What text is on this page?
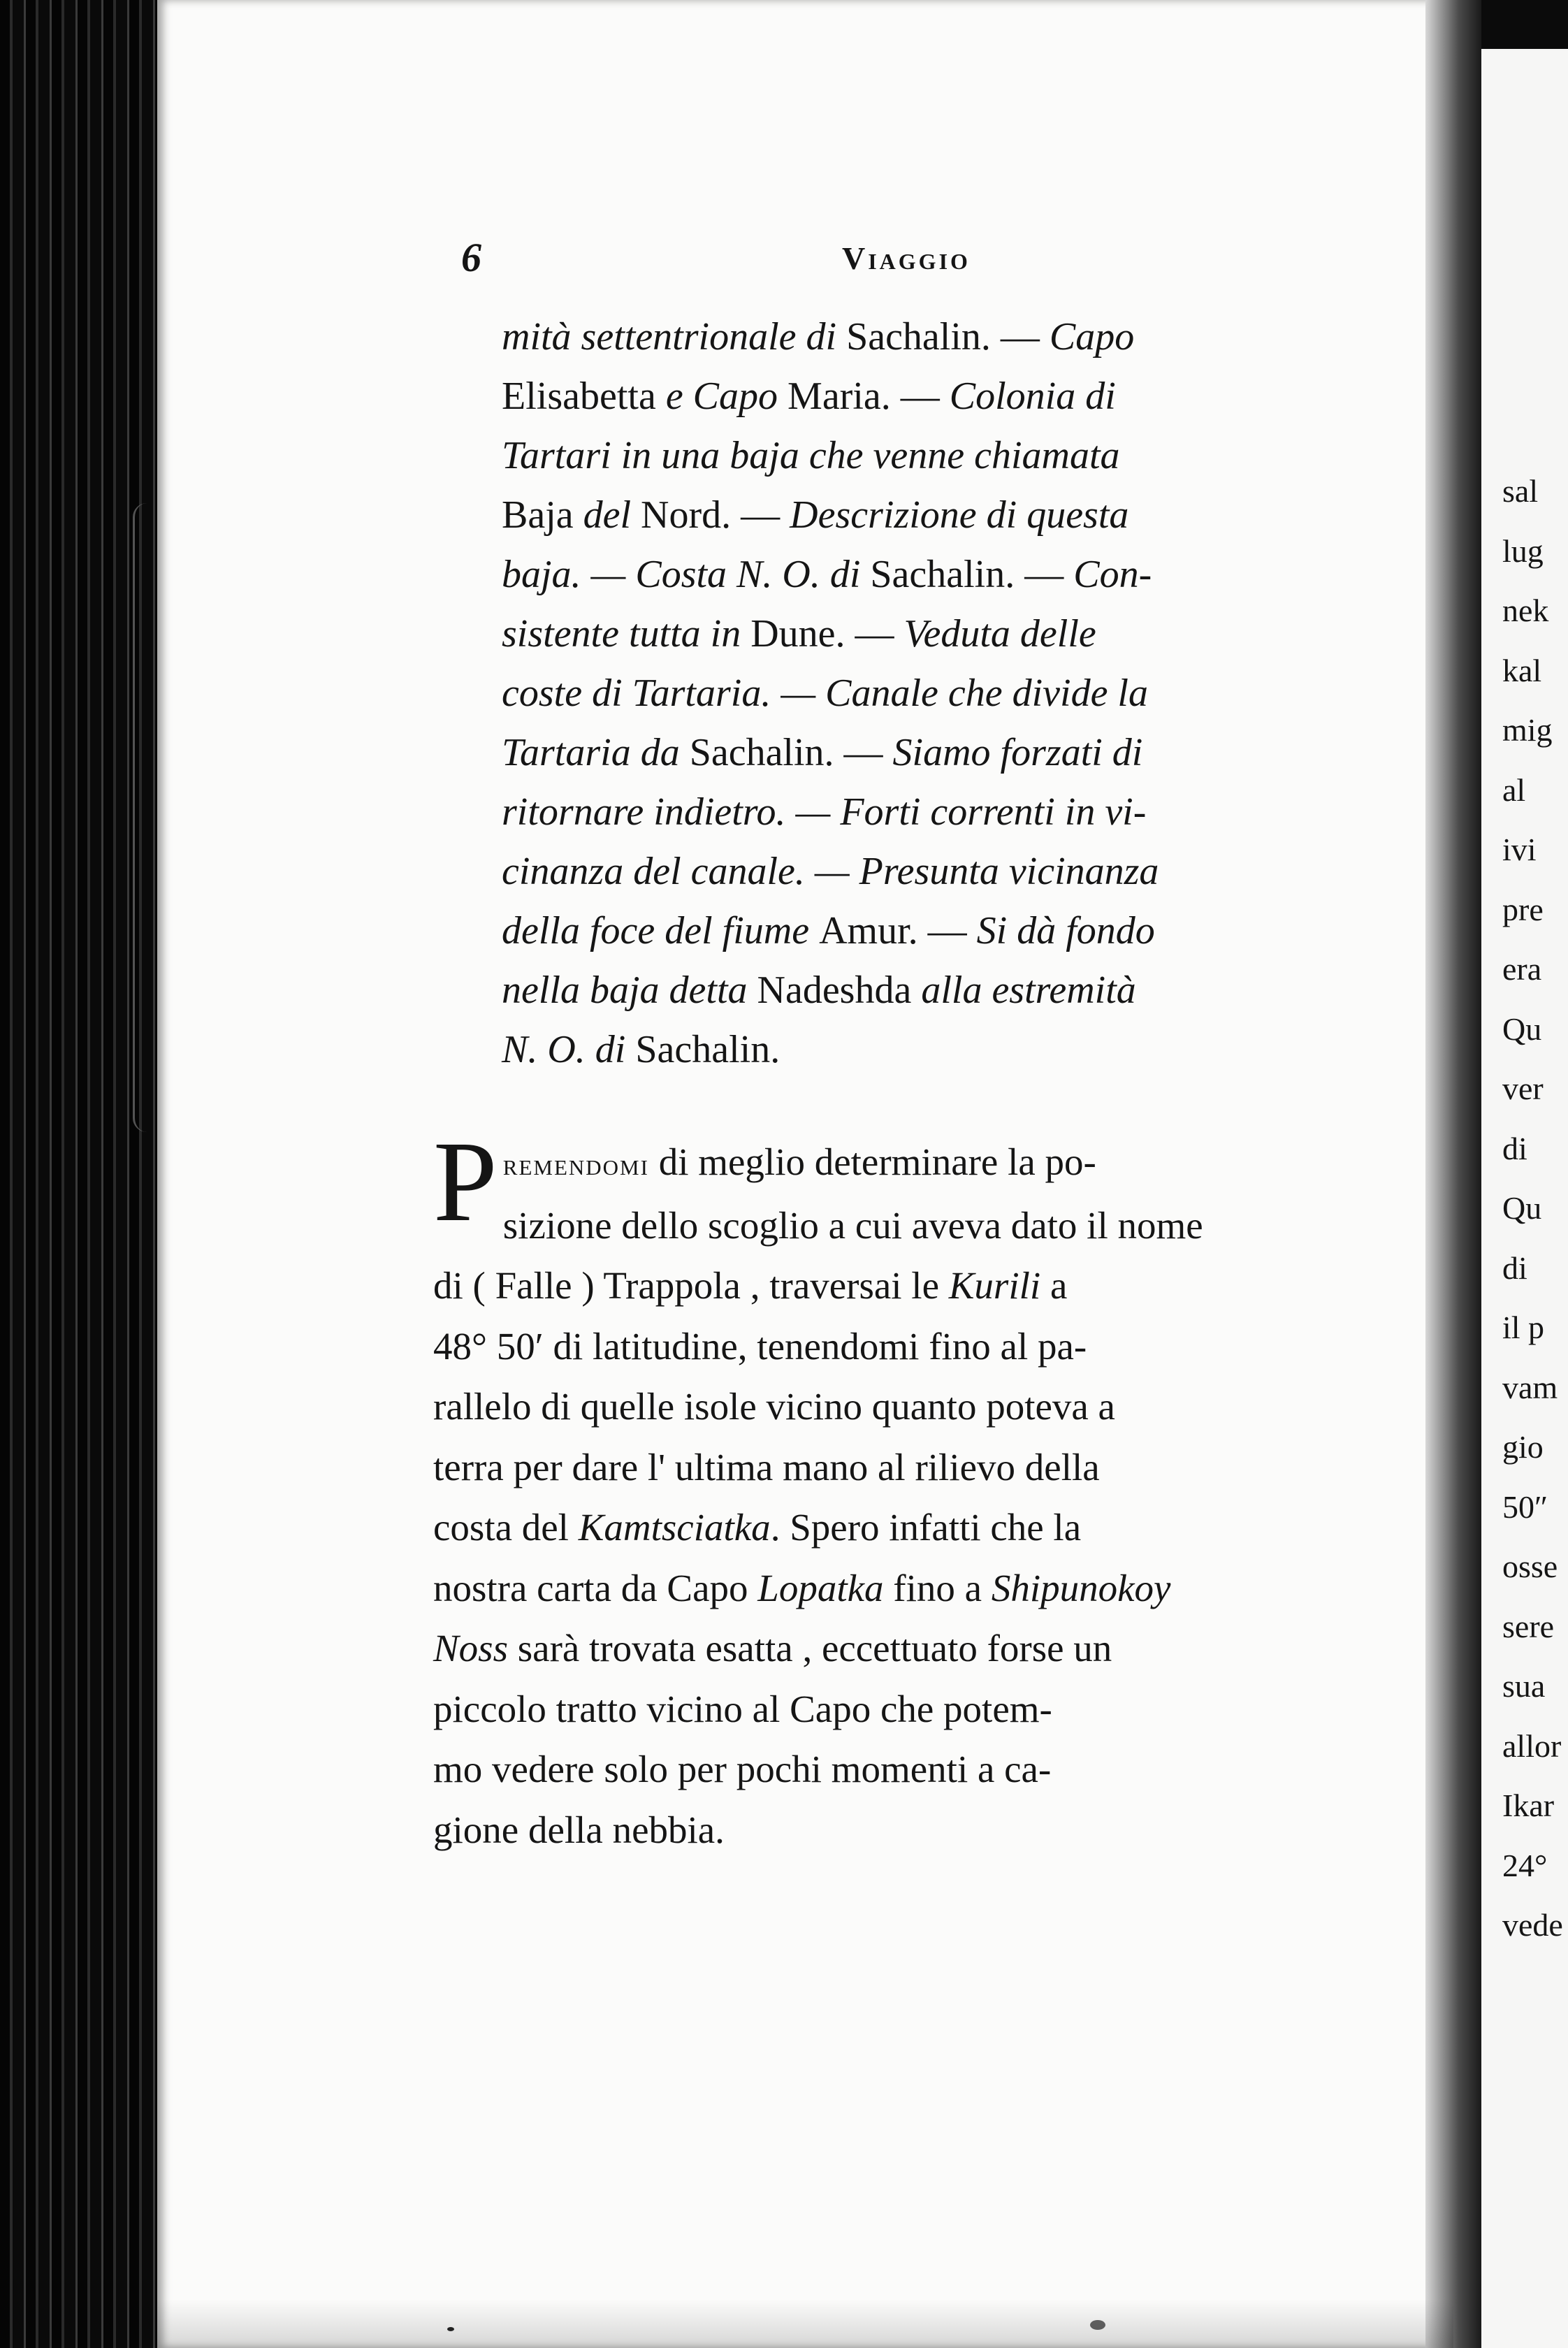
sal
lug
nek
kal
mig
al
ivi
pre
era
Qu
ver
di
Qu
di
il p
vam
gio
50″
osse
sere
sua
allor
Ikar
24°
vede
6	Viaggio
mità settentrionale di Sachalin. — Capo
Elisabetta e Capo Maria. — Colonia di
Tartari in una baja che venne chiamata
Baja del Nord. — Descrizione di questa
baja. — Costa N. O. di Sachalin. — Con-
sistente tutta in Dune. — Veduta delle
coste di Tartaria. — Canale che divide la
Tartaria da Sachalin. — Siamo forzati di
ritornare indietro. — Forti correnti in vi-
cinanza del canale. — Presunta vicinanza
della foce del fiume Amur. — Si dà fondo
nella baja detta Nadeshda alla estremità
N. O. di Sachalin.
P remendomi di meglio determinare la po-
sizione dello scoglio a cui aveva dato il nome
di ( Falle ) Trappola , traversai le Kurili a
48° 50′ di latitudine, tenendomi fino al pa-
rallelo di quelle isole vicino quanto poteva a
terra per dare l' ultima mano al rilievo della
costa del Kamtsciatka. Spero infatti che la
nostra carta da Capo Lopatka fino a Shipunokoy
Noss sarà trovata esatta , eccettuato forse un
piccolo tratto vicino al Capo che potem-
mo vedere solo per pochi momenti a ca-
gione della nebbia.
